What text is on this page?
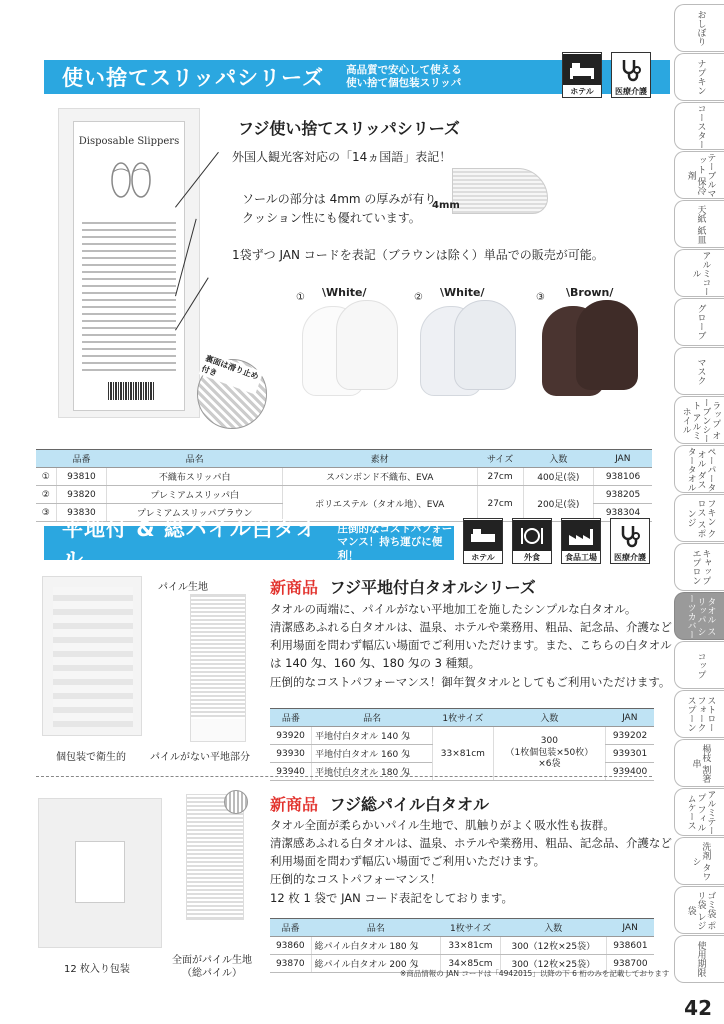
おしぼり
ナプキン
コースター
テーブルマット 保冷剤
天紙 紙皿
アルミコール
グローブ
マスク
ラップ オーブンシート アルミホイル
ペーパータオル ダスタータオル
フキン クロス スポンジ
キャップ エプロン
タオル スリッパ シーツカバー
コップ
ストロー フォーク スプーン
楊枝 割箸 串
アルミテープ フィルムケース
洗剤 タワシ
ゴミ袋 ポリ袋 レジ袋
使用期限
42
使い捨てスリッパシリーズ 高品質で安心して使える
使い捨て個包装スリッパ
ホテル	医療介護
Disposable Slippers
裏面は滑り止め付き
フジ使い捨てスリッパシリーズ
外国人観光客対応の「14ヵ国語」表記！
ソールの部分は 4mm の厚みが有り
クッション性にも優れています。
4mm
1袋ずつ JAN コードを表記（ブラウンは除く）単品での販売が可能。
① \White/	② \White/	③ \Brown/
	品番	品名	素材	サイズ	入数	JAN
①	93810	不織布スリッパ白	スパンボンド不織布、EVA	27cm	400足(袋)	938106
②	93820	プレミアムスリッパ白	ポリエステル（タオル地）、EVA	27cm	200足(袋)	938205
③	93830	プレミアムスリッパブラウン				938304
平地付 & 総パイル白タオル
圧倒的なコストパフォー
マンス！持ち運びに便利！	ホテル	外食	食品工場 医療介護
パイル生地
個包装で衛生的 パイルがない平地部分
新商品 フジ平地付白タオルシリーズ
タオルの両端に、パイルがない平地加工を施したシンプルな白タオル。
清潔感あふれる白タオルは、温泉、ホテルや業務用、粗品、記念品、介護など
利用場面を問わず幅広い場面でご利用いただけます。また、こちらの白タオル
は 140 匁、160 匁、180 匁の 3 種類。
圧倒的なコストパフォーマンス！御年賀タオルとしてもご利用いただけます。
品番	品名	1枚サイズ	入数	JAN
93920	平地付白タオル 140 匁	33×81cm	300
（1枚個包装×50枚）
×6袋	939202
93930	平地付白タオル 160 匁			939301
93940	平地付白タオル 180 匁			939400
12 枚入り包装
全面がパイル生地
（総パイル）
新商品 フジ総パイル白タオル
タオル全面が柔らかいパイル生地で、肌触りがよく吸水性も抜群。
清潔感あふれる白タオルは、温泉、ホテルや業務用、粗品、記念品、介護など
利用場面を問わず幅広い場面でご利用いただけます。
圧倒的なコストパフォーマンス！
12 枚 1 袋で JAN コード表記をしております。
品番	品名	1枚サイズ	入数	JAN
93860	総パイル白タオル 180 匁	33×81cm	300（12枚×25袋）	938601
93870	総パイル白タオル 200 匁	34×85cm	300（12枚×25袋）	938700
※商品情報の JAN コードは「4942015」以降の下 6 桁のみを記載しております
